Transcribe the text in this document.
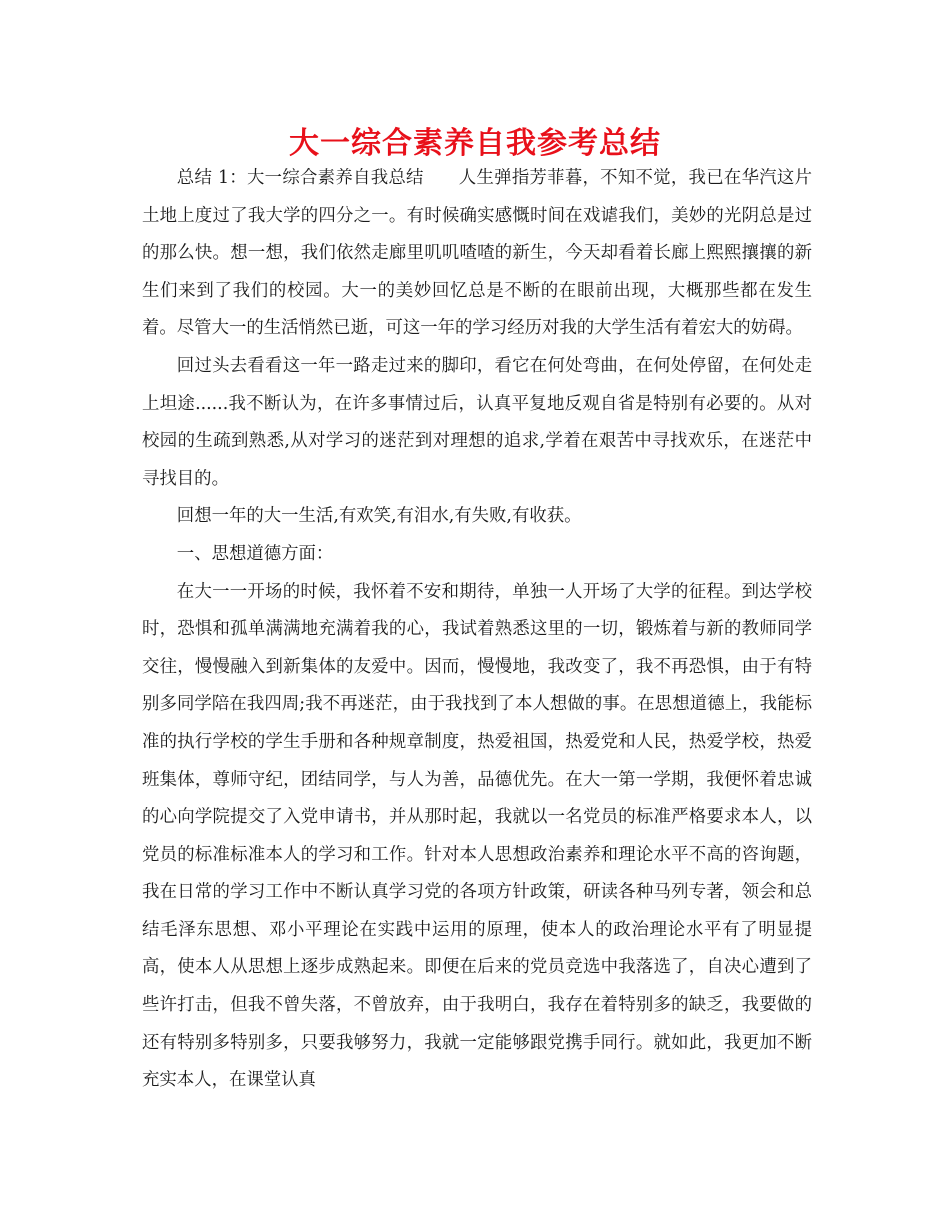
大一综合素养自我参考总结

总结 1：大一综合素养自我总结 人生弹指芳菲暮，不知不觉，我已在华汽这片土地上度过了我大学的四分之一。有时候确实感慨时间在戏谑我们，美妙的光阴总是过的那么快。想一想，我们依然走廊里叽叽喳喳的新生，今天却看着长廊上熙熙攘攘的新生们来到了我们的校园。大一的美妙回忆总是不断的在眼前出现，大概那些都在发生着。尽管大一的生活悄然已逝，可这一年的学习经历对我的大学生活有着宏大的妨碍。

回过头去看看这一年一路走过来的脚印，看它在何处弯曲，在何处停留，在何处走上坦途......我不断认为，在许多事情过后，认真平复地反观自省是特别有必要的。从对校园的生疏到熟悉,从对学习的迷茫到对理想的追求,学着在艰苦中寻找欢乐，在迷茫中寻找目的。

回想一年的大一生活,有欢笑,有泪水,有失败,有收获。

一、思想道德方面：

在大一一开场的时候，我怀着不安和期待，单独一人开场了大学的征程。到达学校时，恐惧和孤单满满地充满着我的心，我试着熟悉这里的一切，锻炼着与新的教师同学交往，慢慢融入到新集体的友爱中。因而，慢慢地，我改变了，我不再恐惧，由于有特别多同学陪在我四周;我不再迷茫，由于我找到了本人想做的事。在思想道德上，我能标准的执行学校的学生手册和各种规章制度，热爱祖国，热爱党和人民，热爱学校，热爱班集体，尊师守纪，团结同学，与人为善，品德优先。在大一第一学期，我便怀着忠诚的心向学院提交了入党申请书，并从那时起，我就以一名党员的标准严格要求本人，以党员的标准标准本人的学习和工作。针对本人思想政治素养和理论水平不高的咨询题，我在日常的学习工作中不断认真学习党的各项方针政策，研读各种马列专著，领会和总结毛泽东思想、邓小平理论在实践中运用的原理，使本人的政治理论水平有了明显提高，使本人从思想上逐步成熟起来。即便在后来的党员竞选中我落选了，自决心遭到了些许打击，但我不曾失落，不曾放弃，由于我明白，我存在着特别多的缺乏，我要做的还有特别多特别多，只要我够努力，我就一定能够跟党携手同行。就如此，我更加不断充实本人，在课堂认真
